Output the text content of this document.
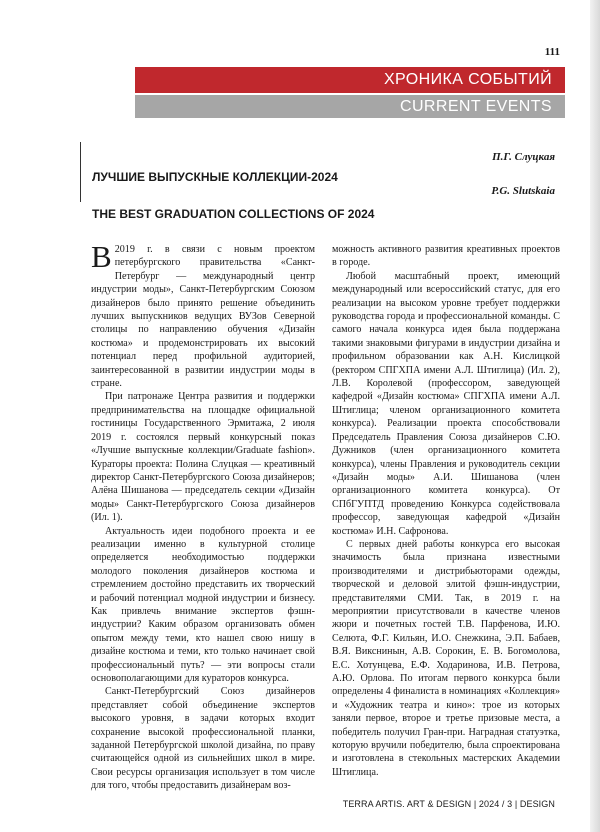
111
ХРОНИКА СОБЫТИЙ
CURRENT EVENTS
П.Г. Слуцкая
ЛУЧШИЕ ВЫПУСКНЫЕ КОЛЛЕКЦИИ-2024
P.G. Slutskaia
THE BEST GRADUATION COLLECTIONS OF 2024

В 2019 г. в связи с новым проектом петербургского правительства «Санкт-Петербург — международный центр индустрии моды», Санкт-Петербургским Союзом дизайнеров было принято решение объединить лучших выпускников ведущих ВУЗов Северной столицы по направлению обучения «Дизайн костюма» и продемонстрировать их высокий потенциал перед профильной аудиторией, заинтересованной в развитии индустрии моды в стране.

При патронаже Центра развития и поддержки предпринимательства на площадке официальной гостиницы Государственного Эрмитажа, 2 июля 2019 г. состоялся первый конкурсный показ «Лучшие выпускные коллекции/Graduate fashion». Кураторы проекта: Полина Слуцкая — креативный директор Санкт-Петербургского Союза дизайнеров; Алёна Шишанова — председатель секции «Дизайн моды» Санкт-Петербургского Союза дизайнеров (Ил. 1).

Актуальность идеи подобного проекта и ее реализации именно в культурной столице определяется необходимостью поддержки молодого поколения дизайнеров костюма и стремлением достойно представить их творческий и рабочий потенциал модной индустрии и бизнесу. Как привлечь внимание экспертов фэшн-индустрии? Каким образом организовать обмен опытом между теми, кто нашел свою нишу в дизайне костюма и теми, кто только начинает свой профессиональный путь? — эти вопросы стали основополагающими для кураторов конкурса.

Санкт-Петербургский Союз дизайнеров представляет собой объединение экспертов высокого уровня, в задачи которых входит сохранение высокой профессиональной планки, заданной Петербургской школой дизайна, по праву считающейся одной из сильнейших школ в мире. Свои ресурсы организация использует в том числе для того, чтобы предоставить дизайнерам воз-

можность активного развития креативных проектов в городе.

Любой масштабный проект, имеющий международный или всероссийский статус, для его реализации на высоком уровне требует поддержки руководства города и профессиональной команды. С самого начала конкурса идея была поддержана такими знаковыми фигурами в индустрии дизайна и профильном образовании как А.Н. Кислицкой (ректором СПГХПА имени А.Л. Штиглица) (Ил. 2), Л.В. Королевой (профессором, заведующей кафедрой «Дизайн костюма» СПГХПА имени А.Л. Штиглица; членом организационного комитета конкурса). Реализации проекта способствовали Председатель Правления Союза дизайнеров С.Ю. Дужников (член организационного комитета конкурса), члены Правления и руководитель секции «Дизайн моды» А.И. Шишанова (член организационного комитета конкурса). От СПбГУПТД проведению Конкурса содействовала профессор, заведующая кафедрой «Дизайн костюма» И.Н. Сафронова.

С первых дней работы конкурса его высокая значимость была признана известными производителями и дистрибьюторами одежды, творческой и деловой элитой фэшн-индустрии, представителями СМИ. Так, в 2019 г. на мероприятии присутствовали в качестве членов жюри и почетных гостей Т.В. Парфенова, И.Ю. Селюта, Ф.Г. Кильян, И.О. Снежкина, Э.П. Бабаев, В.Я. Викснинын, А.В. Сорокин, Е. В. Богомолова, Е.С. Хотунцева, Е.Ф. Ходаринова, И.В. Петрова, А.Ю. Орлова. По итогам первого конкурса были определены 4 финалиста в номинациях «Коллекция» и «Художник театра и кино»: трое из которых заняли первое, второе и третье призовые места, а победитель получил Гран-при. Наградная статуэтка, которую вручили победителю, была спроектирована и изготовлена в стекольных мастерских Академии Штиглица.

TERRA ARTIS. ART & DESIGN | 2024 / 3 | DESIGN
